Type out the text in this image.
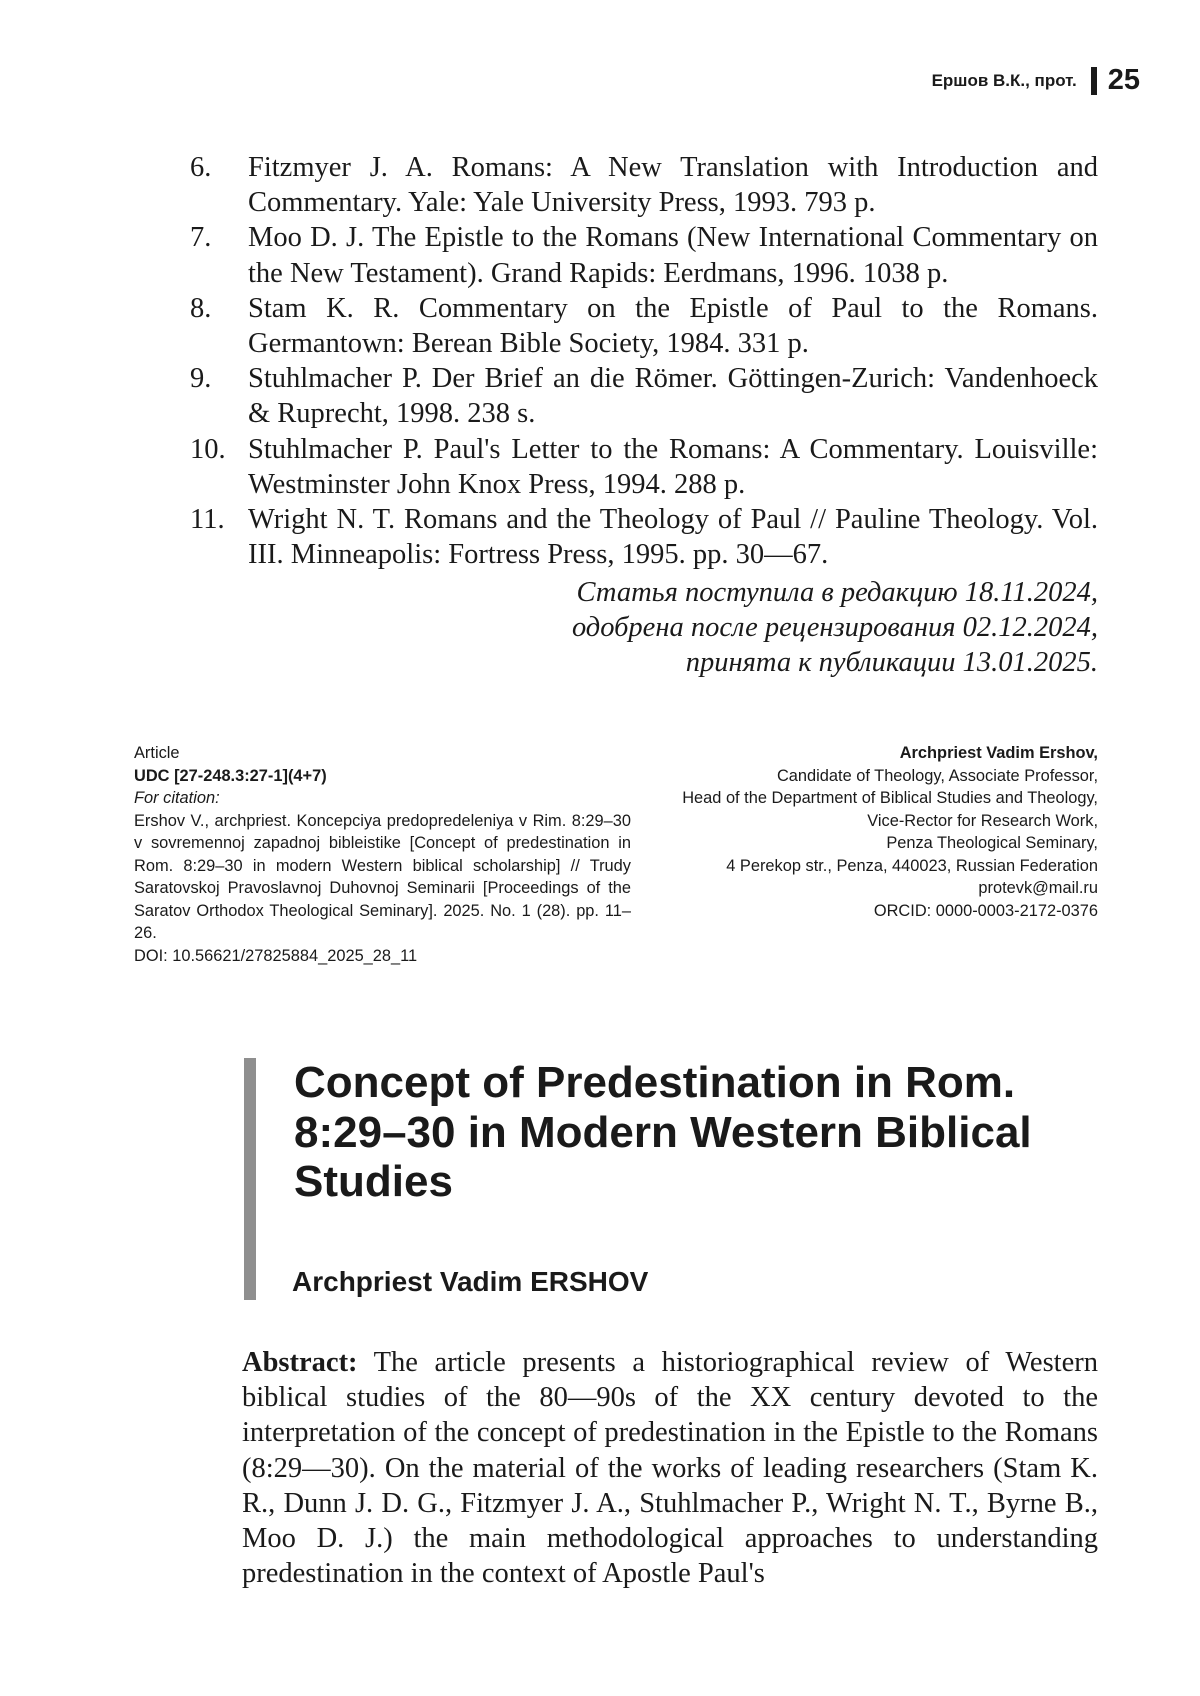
Ершов В.К., прот. 25
6.	Fitzmyer J. A. Romans: A New Translation with Introduction and Commentary. Yale: Yale University Press, 1993. 793 p.
7.	Moo D. J. The Epistle to the Romans (New International Commentary on the New Testament). Grand Rapids: Eerdmans, 1996. 1038 p.
8.	Stam K. R. Commentary on the Epistle of Paul to the Romans. Germantown: Berean Bible Society, 1984. 331 p.
9.	Stuhlmacher P. Der Brief an die Römer. Göttingen-Zurich: Vandenhoeck & Ruprecht, 1998. 238 s.
10. Stuhlmacher P. Paul's Letter to the Romans: A Commentary. Louisville: Westminster John Knox Press, 1994. 288 p.
11. Wright N. T. Romans and the Theology of Paul // Pauline Theology. Vol. III. Minneapolis: Fortress Press, 1995. pp. 30—67.
Статья поступила в редакцию 18.11.2024,
одобрена после рецензирования 02.12.2024,
принята к публикации 13.01.2025.
Article
UDC [27-248.3:27-1](4+7)
For citation:
Ershov V., archpriest. Koncepciya predopredeleniya v Rim. 8:29–30 v sovremennoj zapadnoj bibleistike [Concept of predestination in Rom. 8:29–30 in modern Western biblical scholarship] // Trudy Saratovskoj Pravoslavnoj Duhovnoj Seminarii [Proceedings of the Saratov Orthodox Theological Seminary]. 2025. No. 1 (28). pp. 11–26.
DOI: 10.56621/27825884_2025_28_11
Archpriest Vadim Ershov,
Candidate of Theology, Associate Professor,
Head of the Department of Biblical Studies and Theology,
Vice-Rector for Research Work,
Penza Theological Seminary,
4 Perekop str., Penza, 440023, Russian Federation
protevk@mail.ru
ORCID: 0000-0003-2172-0376
Concept of Predestination in Rom.
8:29–30 in Modern Western Biblical
Studies
Archpriest Vadim ERSHOV

Abstract: The article presents a historiographical review of Western biblical studies of the 80—90s of the XX century devoted to the interpretation of the concept of predestination in the Epistle to the Romans (8:29—30). On the material of the works of leading researchers (Stam K. R., Dunn J. D. G., Fitzmyer J. A., Stuhlmacher P., Wright N. T., Byrne B., Moo D. J.) the main methodological approaches to understanding predestination in the context of Apostle Paul's
